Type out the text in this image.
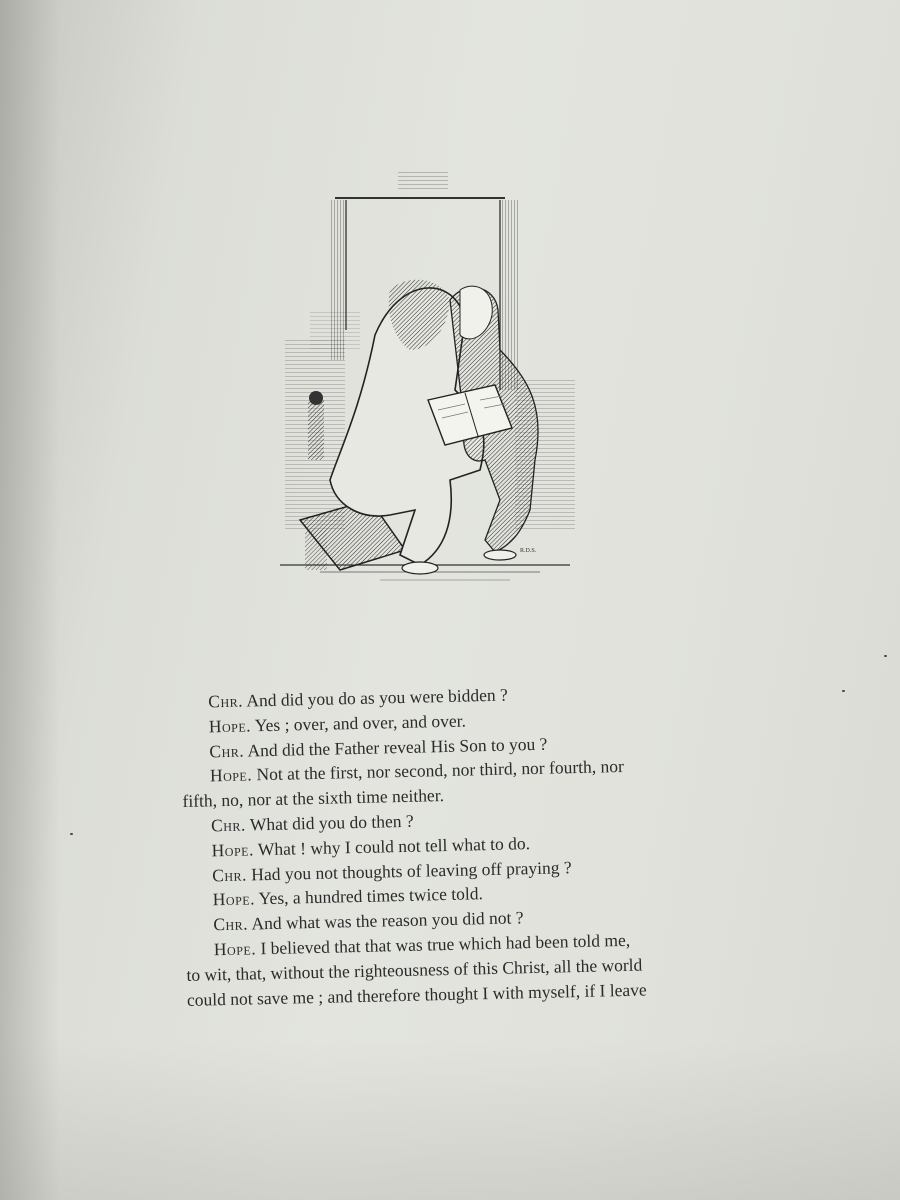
R.D.S.
Chr. And did you do as you were bidden ?
Hope. Yes ; over, and over, and over.
Chr. And did the Father reveal His Son to you ?
Hope. Not at the first, nor second, nor third, nor fourth, nor
fifth, no, nor at the sixth time neither.
Chr. What did you do then ?
Hope. What ! why I could not tell what to do.
Chr. Had you not thoughts of leaving off praying ?
Hope. Yes, a hundred times twice told.
Chr. And what was the reason you did not ?
Hope. I believed that that was true which had been told me,
to wit, that, without the righteousness of this Christ, all the world
could not save me ; and therefore thought I with myself, if I leave
